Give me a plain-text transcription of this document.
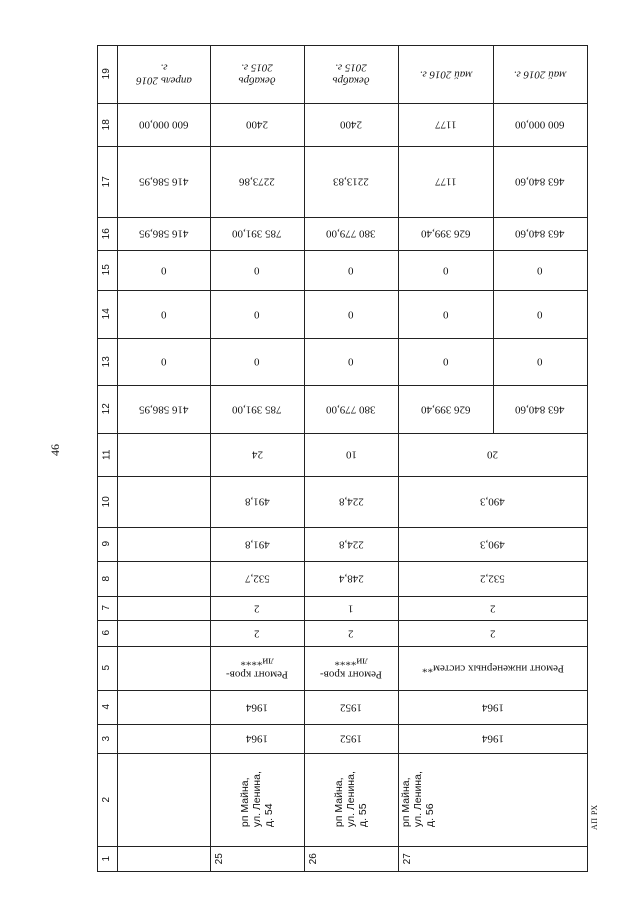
46
АП РХ
19
18
17
16
15
14
13
12
11
10
9
8
7
6
5
4
3
2
1
апрель 2016 г.
600 000,00
416 586,95
416 586,95
0
0
0
416 586,95
декабрь 2015 г.
2400
2273,86
785 391,00
0
0
0
785 391,00
декабрь 2015 г.
2400
2213,83
380 779,00
0
0
0
380 779,00
май 2016 г.
1177
1177
626 399,40
0
0
0
626 399,40
май 2016 г.
600 000,00
463 840,60
463 840,60
0
0
0
463 840,60
24
491,8
491,8
532,7
2
2
Ремонт кров-ли****
1964
1964
рп Майна,
ул. Ленина,
д. 54
25
10
224,8
224,8
248,4
1
2
Ремонт кров-ли****
1952
1952
рп Майна,
ул. Ленина,
д. 55
26
20
490,3
490,3
532,2
2
2
Ремонт инженерных систем**
1964
1964
рп Майна,
ул. Ленина,
д. 56
27
